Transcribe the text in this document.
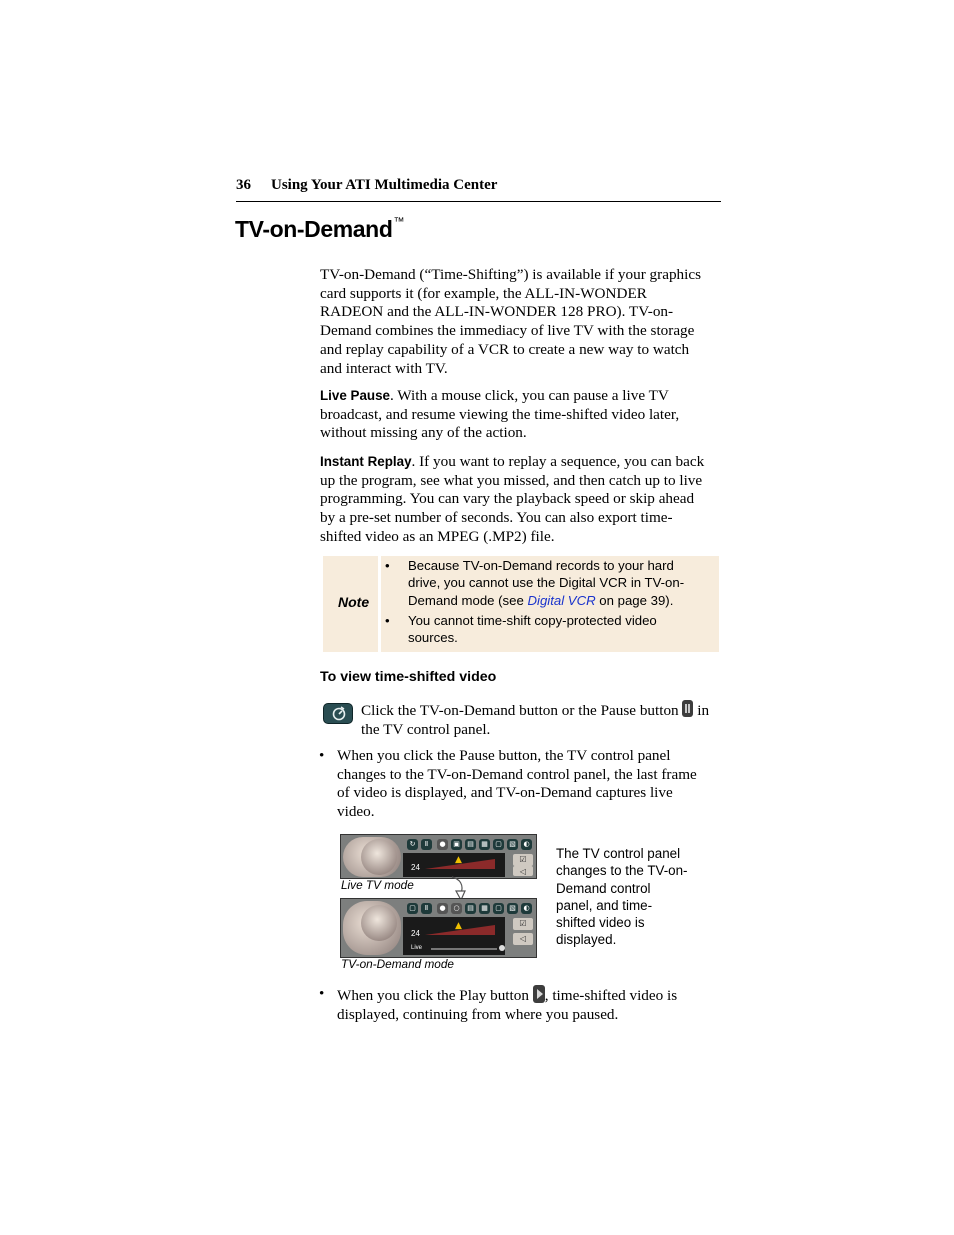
36 Using Your ATI Multimedia Center
TV-on-Demand™
TV-on-Demand (“Time-Shifting”) is available if your graphics
card supports it (for example, the ALL-IN-WONDER
RADEON and the ALL-IN-WONDER 128 PRO). TV-on-
Demand combines the immediacy of live TV with the storage
and replay capability of a VCR to create a new way to watch
and interact with TV.
Live Pause. With a mouse click, you can pause a live TV
broadcast, and resume viewing the time-shifted video later,
without missing any of the action.
Instant Replay. If you want to replay a sequence, you can back
up the program, see what you missed, and then catch up to live
programming. You can vary the playback speed or skip ahead
by a pre-set number of seconds. You can also export time-
shifted video as an MPEG (.MP2) file.
Note
• Because TV-on-Demand records to your hard
drive, you cannot use the Digital VCR in TV-on-
Demand mode (see Digital VCR on page 39).
• You cannot time-shift copy-protected video
sources.
To view time-shifted video
Click the TV-on-Demand button or the Pause button in
the TV control panel.
• When you click the Pause button, the TV control panel
changes to the TV-on-Demand control panel, the last frame
of video is displayed, and TV-on-Demand captures live
video.
↻	Ⅱ	●	▣	▤	▦	▢	▧	◐
24
▲	☑
◁
Live TV mode
▢	Ⅱ	●	○	▤	▦	▢	▧	◐
24
▲
Live
☑
◁
TV-on-Demand mode
The TV control panel
changes to the TV-on-
Demand control
panel, and time-
shifted video is
displayed.
• When you click the Play button , time-shifted video is
displayed, continuing from where you paused.
